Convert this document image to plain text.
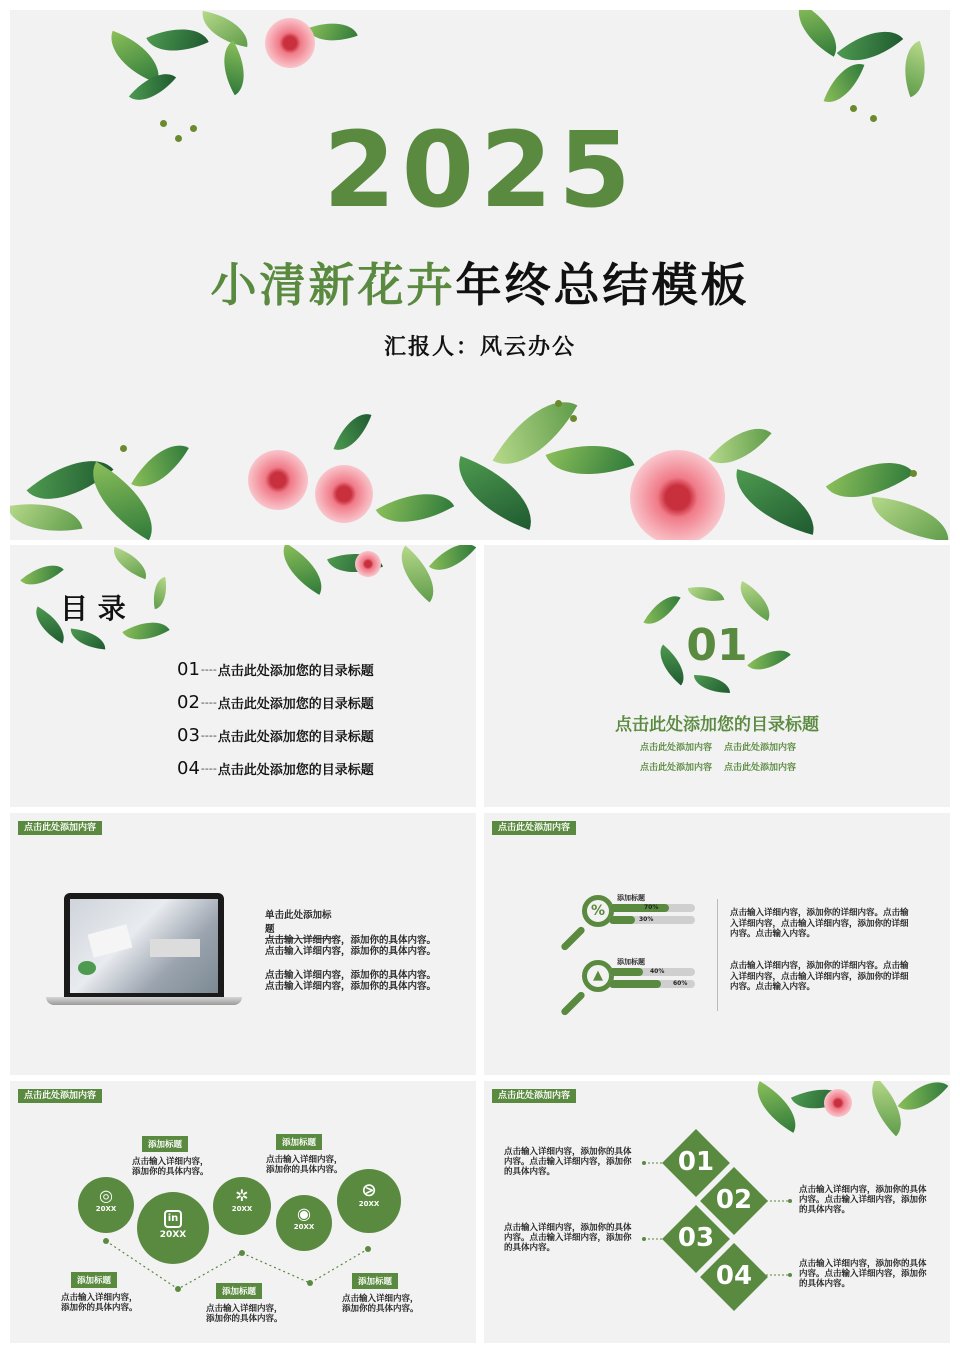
2025
小清新花卉年终总结模板
汇报人：风云办公
目 录
01 ---- 点击此处添加您的目录标题
02 ---- 点击此处添加您的目录标题
03 ---- 点击此处添加您的目录标题
04 ---- 点击此处添加您的目录标题
01
点击此处添加您的目录标题
点击此处添加内容 点击此处添加内容
点击此处添加内容 点击此处添加内容
点击此处添加内容
单击此处添加标题
点击输入详细内容，添加你的具体内容。点击输入详细内容，添加你的具体内容。
点击输入详细内容，添加你的具体内容。点击输入详细内容，添加你的具体内容。
点击此处添加内容
%
▲
添加标题
70%
30%
添加标题
40%
60%
点击输入详细内容，添加你的详细内容。点击输入详细内容，点击输入详细内容，添加你的详细内容。点击输入内容。
点击输入详细内容，添加你的详细内容。点击输入详细内容，点击输入详细内容，添加你的详细内容。点击输入内容。
点击此处添加内容
◎
20XX
in
20XX
✲
20XX	◉
20XX
⧁
20XX
添加标题
点击输入详细内容，添加你的具体内容。
添加标题
点击输入详细内容，添加你的具体内容。
添加标题
点击输入详细内容，添加你的具体内容。
添加标题
点击输入详细内容，添加你的具体内容。
添加标题
点击输入详细内容，添加你的具体内容。
点击此处添加内容
点击输入详细内容，添加你的具体内容。点击输入详细内容，添加你的具体内容。
点击输入详细内容，添加你的具体内容。点击输入详细内容，添加你的具体内容。
点击输入详细内容，添加你的具体内容。点击输入详细内容，添加你的具体内容。
点击输入详细内容，添加你的具体内容。点击输入详细内容，添加你的具体内容。
01
02
03
04
